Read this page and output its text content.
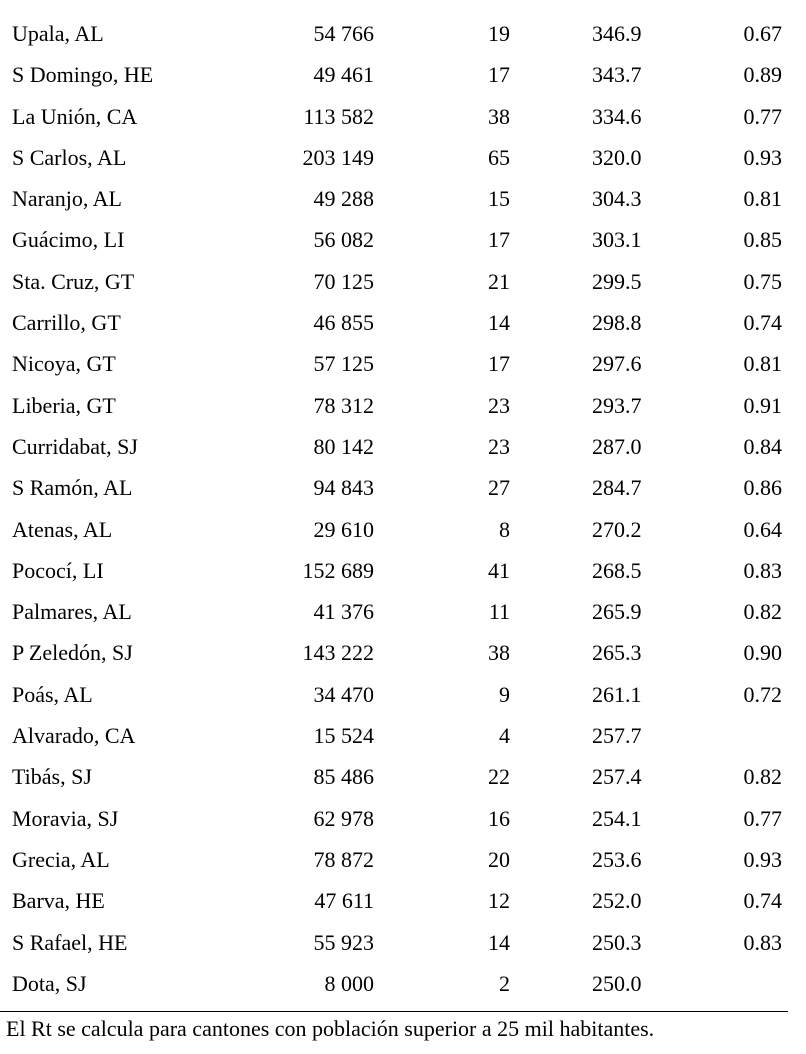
Upala, AL	54 766	19	346.9	0.67
S Domingo, HE	49 461	17	343.7	0.89
La Unión, CA	113 582	38	334.6	0.77
S Carlos, AL	203 149	65	320.0	0.93
Naranjo, AL	49 288	15	304.3	0.81
Guácimo, LI	56 082	17	303.1	0.85
Sta. Cruz, GT	70 125	21	299.5	0.75
Carrillo, GT	46 855	14	298.8	0.74
Nicoya, GT	57 125	17	297.6	0.81
Liberia, GT	78 312	23	293.7	0.91
Curridabat, SJ	80 142	23	287.0	0.84
S Ramón, AL	94 843	27	284.7	0.86
Atenas, AL	29 610	8	270.2	0.64
Pococí, LI	152 689	41	268.5	0.83
Palmares, AL	41 376	11	265.9	0.82
P Zeledón, SJ	143 222	38	265.3	0.90
Poás, AL	34 470	9	261.1	0.72
Alvarado, CA	15 524	4	257.7
Tibás, SJ	85 486	22	257.4	0.82
Moravia, SJ	62 978	16	254.1	0.77
Grecia, AL	78 872	20	253.6	0.93
Barva, HE	47 611	12	252.0	0.74
S Rafael, HE	55 923	14	250.3	0.83
Dota, SJ	8 000	2	250.0
El Rt se calcula para cantones con población superior a 25 mil habitantes.
